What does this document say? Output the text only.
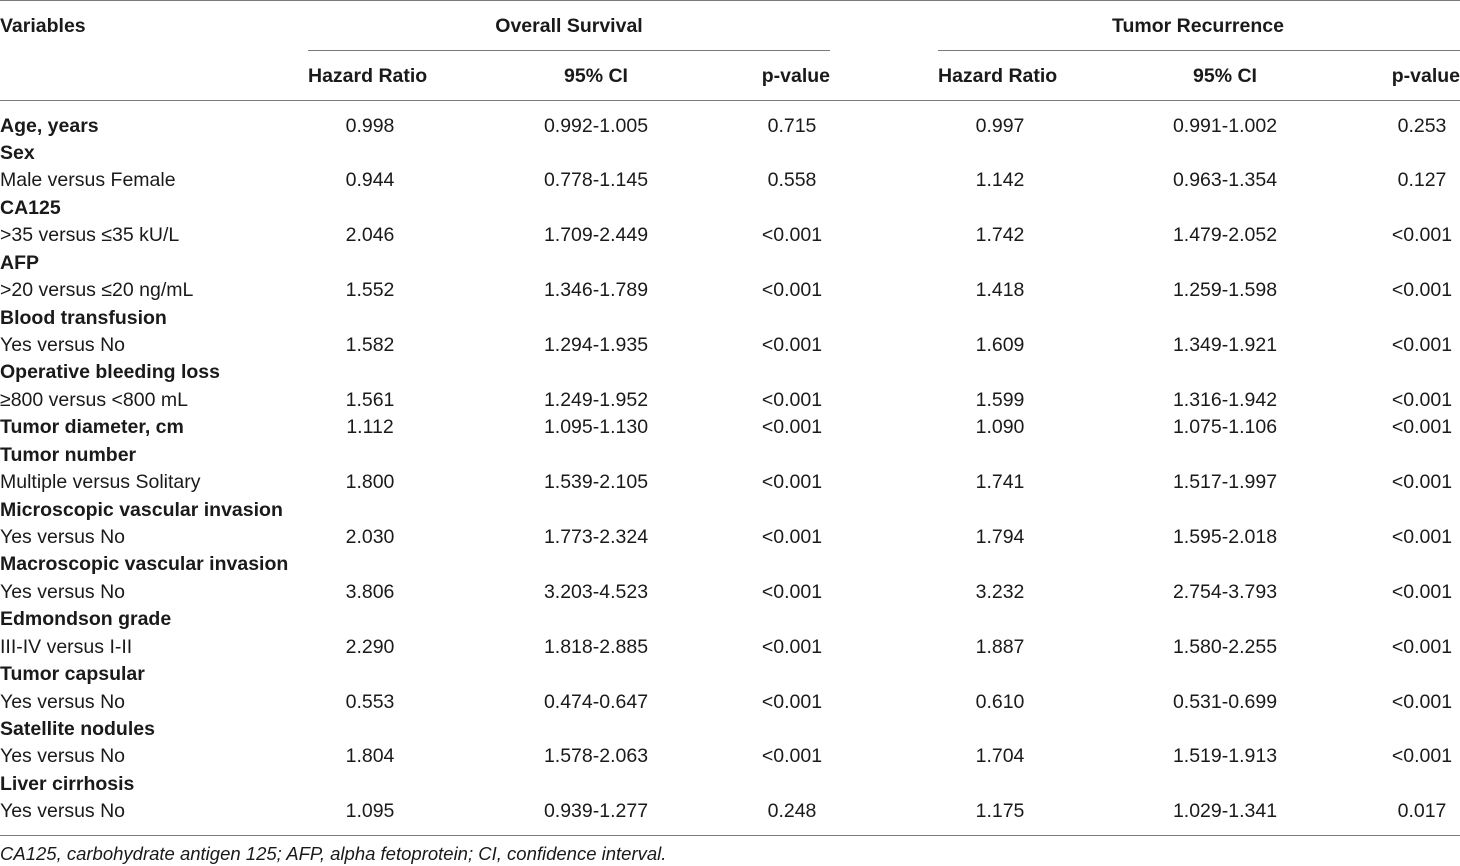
Variables	Overall Survival	Tumor Recurrence
Hazard Ratio	95% CI	p-value	Hazard Ratio	95% CI	p-value
Age, years	0.998	0.992-1.005	0.715	0.997	0.991-1.002	0.253
Sex
Male versus Female	0.944	0.778-1.145	0.558	1.142	0.963-1.354	0.127
CA125
>35 versus ≤35 kU/L	2.046	1.709-2.449	<0.001	1.742	1.479-2.052	<0.001
AFP
>20 versus ≤20 ng/mL	1.552	1.346-1.789	<0.001	1.418	1.259-1.598	<0.001
Blood transfusion
Yes versus No	1.582	1.294-1.935	<0.001	1.609	1.349-1.921	<0.001
Operative bleeding loss
≥800 versus <800 mL	1.561	1.249-1.952	<0.001	1.599	1.316-1.942	<0.001
Tumor diameter, cm	1.112	1.095-1.130	<0.001	1.090	1.075-1.106	<0.001
Tumor number
Multiple versus Solitary	1.800	1.539-2.105	<0.001	1.741	1.517-1.997	<0.001
Microscopic vascular invasion
Yes versus No	2.030	1.773-2.324	<0.001	1.794	1.595-2.018	<0.001
Macroscopic vascular invasion
Yes versus No	3.806	3.203-4.523	<0.001	3.232	2.754-3.793	<0.001
Edmondson grade
III-IV versus I-II	2.290	1.818-2.885	<0.001	1.887	1.580-2.255	<0.001
Tumor capsular
Yes versus No	0.553	0.474-0.647	<0.001	0.610	0.531-0.699	<0.001
Satellite nodules
Yes versus No	1.804	1.578-2.063	<0.001	1.704	1.519-1.913	<0.001
Liver cirrhosis
Yes versus No	1.095	0.939-1.277	0.248	1.175	1.029-1.341	0.017
CA125, carbohydrate antigen 125; AFP, alpha fetoprotein; CI, confidence interval.
